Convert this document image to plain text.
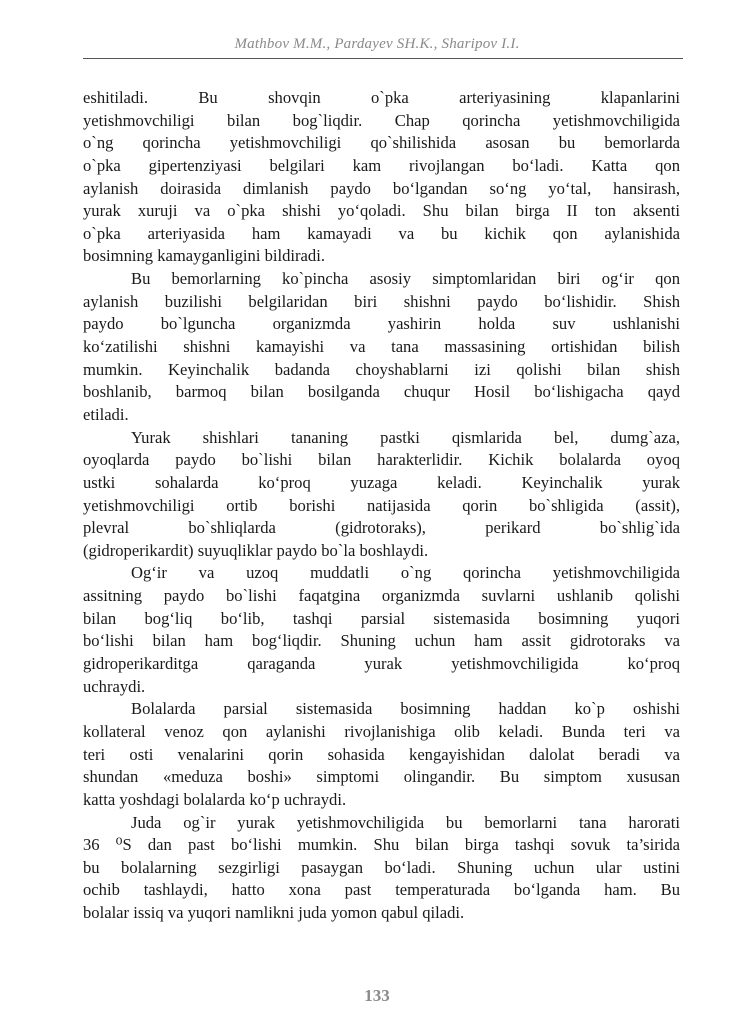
Mathbov M.M., Pardayev SH.K., Sharipov I.I.
eshitiladi. Bu shovqin o`pka arteriyasining klapanlarini
yetishmovchiligi bilan bog`liqdir. Chap qorincha yetishmovchiligida
o`ng qorincha yetishmovchiligi qo`shilishida asosan bu bemorlarda
o`pka gipertenziyasi belgilari kam rivojlangan bo‘ladi. Katta qon
aylanish doirasida dimlanish paydo bo‘lgandan so‘ng yo‘tal, hansirash,
yurak xuruji va o`pka shishi yo‘qoladi. Shu bilan birga II ton aksenti
o`pka arteriyasida ham kamayadi va bu kichik qon aylanishida
bosimning kamayganligini bildiradi.
Bu bemorlarning ko`pincha asosiy simptomlaridan biri og‘ir qon
aylanish buzilishi belgilaridan biri shishni paydo bo‘lishidir. Shish
paydo bo`lguncha organizmda yashirin holda suv ushlanishi
ko‘zatilishi shishni kamayishi va tana massasining ortishidan bilish
mumkin. Keyinchalik badanda choyshablarni izi qolishi bilan shish
boshlanib, barmoq bilan bosilganda chuqur Hosil bo‘lishigacha qayd
etiladi.
Yurak shishlari tananing pastki qismlarida bel, dumg`aza,
oyoqlarda paydo bo`lishi bilan harakterlidir. Kichik bolalarda oyoq
ustki sohalarda ko‘proq yuzaga keladi. Keyinchalik yurak
yetishmovchiligi ortib borishi natijasida qorin bo`shligida (assit),
plevral bo`shliqlarda (gidrotoraks), perikard bo`shlig`ida
(gidroperikardit) suyuqliklar paydo bo`la boshlaydi.
Og‘ir va uzoq muddatli o`ng qorincha yetishmovchiligida
assitning paydo bo`lishi faqatgina organizmda suvlarni ushlanib qolishi
bilan bog‘liq bo‘lib, tashqi parsial sistemasida bosimning yuqori
bo‘lishi bilan ham bog‘liqdir. Shuning uchun ham assit gidrotoraks va
gidroperikarditga qaraganda yurak yetishmovchiligida ko‘proq
uchraydi.
Bolalarda parsial sistemasida bosimning haddan ko`p oshishi
kollateral venoz qon aylanishi rivojlanishiga olib keladi. Bunda teri va
teri osti venalarini qorin sohasida kengayishidan dalolat beradi va
shundan «meduza boshi» simptomi olingandir. Bu simptom xususan
katta yoshdagi bolalarda ko‘p uchraydi.
Juda og`ir yurak yetishmovchiligida bu bemorlarni tana harorati
36 ⁰S dan past bo‘lishi mumkin. Shu bilan birga tashqi sovuk ta’sirida
bu bolalarning sezgirligi pasaygan bo‘ladi. Shuning uchun ular ustini
ochib tashlaydi, hatto xona past temperaturada bo‘lganda ham. Bu
bolalar issiq va yuqori namlikni juda yomon qabul qiladi.
133
